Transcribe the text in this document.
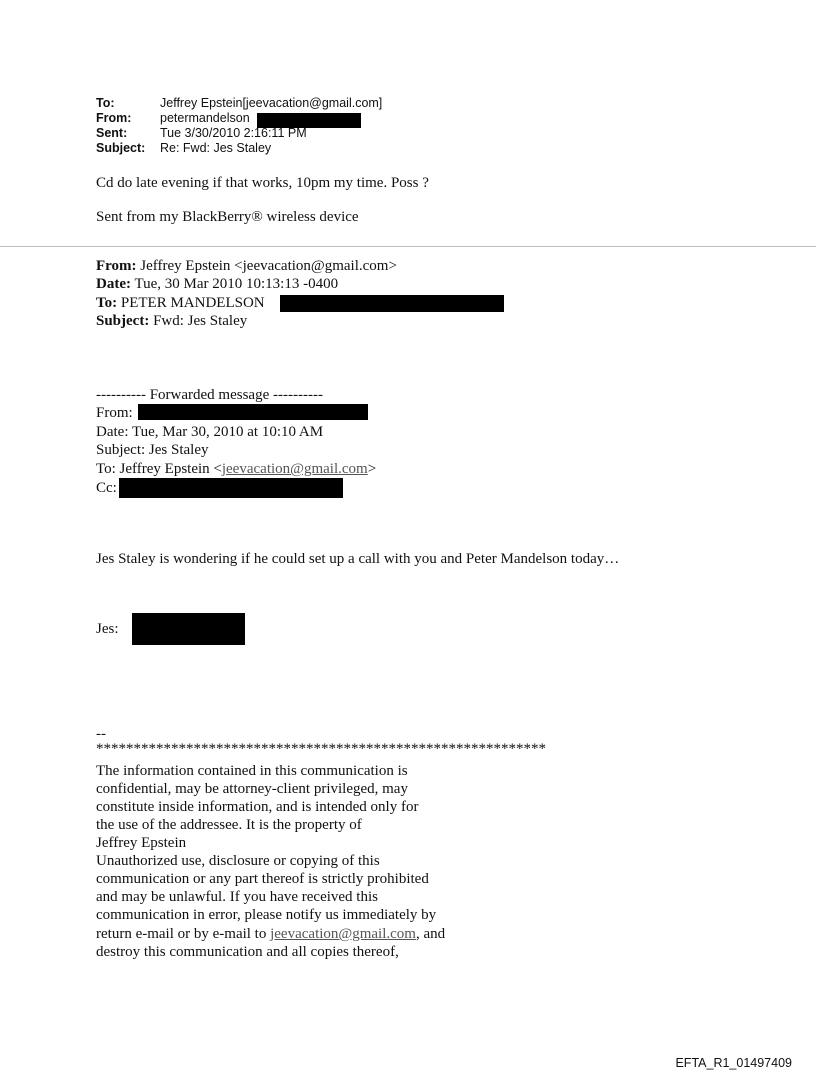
To:	Jeffrey Epstein[jeevacation@gmail.com]
From: petermandelson
Sent:	Tue 3/30/2010 2:16:11 PM
Subject: Re: Fwd: Jes Staley
Cd do late evening if that works, 10pm my time. Poss ?
Sent from my BlackBerry® wireless device
From: Jeffrey Epstein <jeevacation@gmail.com>
Date: Tue, 30 Mar 2010 10:13:13 -0400
To: PETER MANDELSON
Subject: Fwd: Jes Staley
---------- Forwarded message ----------
From:
Date: Tue, Mar 30, 2010 at 10:10 AM
Subject: Jes Staley
To: Jeffrey Epstein <jeevacation@gmail.com>
Cc:
Jes Staley is wondering if he could set up a call with you and Peter Mandelson today…
Jes:
--
************************************************************
The information contained in this communication is
confidential, may be attorney-client privileged, may
constitute inside information, and is intended only for
the use of the addressee. It is the property of
Jeffrey Epstein
Unauthorized use, disclosure or copying of this
communication or any part thereof is strictly prohibited
and may be unlawful. If you have received this
communication in error, please notify us immediately by
return e-mail or by e-mail to jeevacation@gmail.com, and
destroy this communication and all copies thereof,
EFTA_R1_01497409
